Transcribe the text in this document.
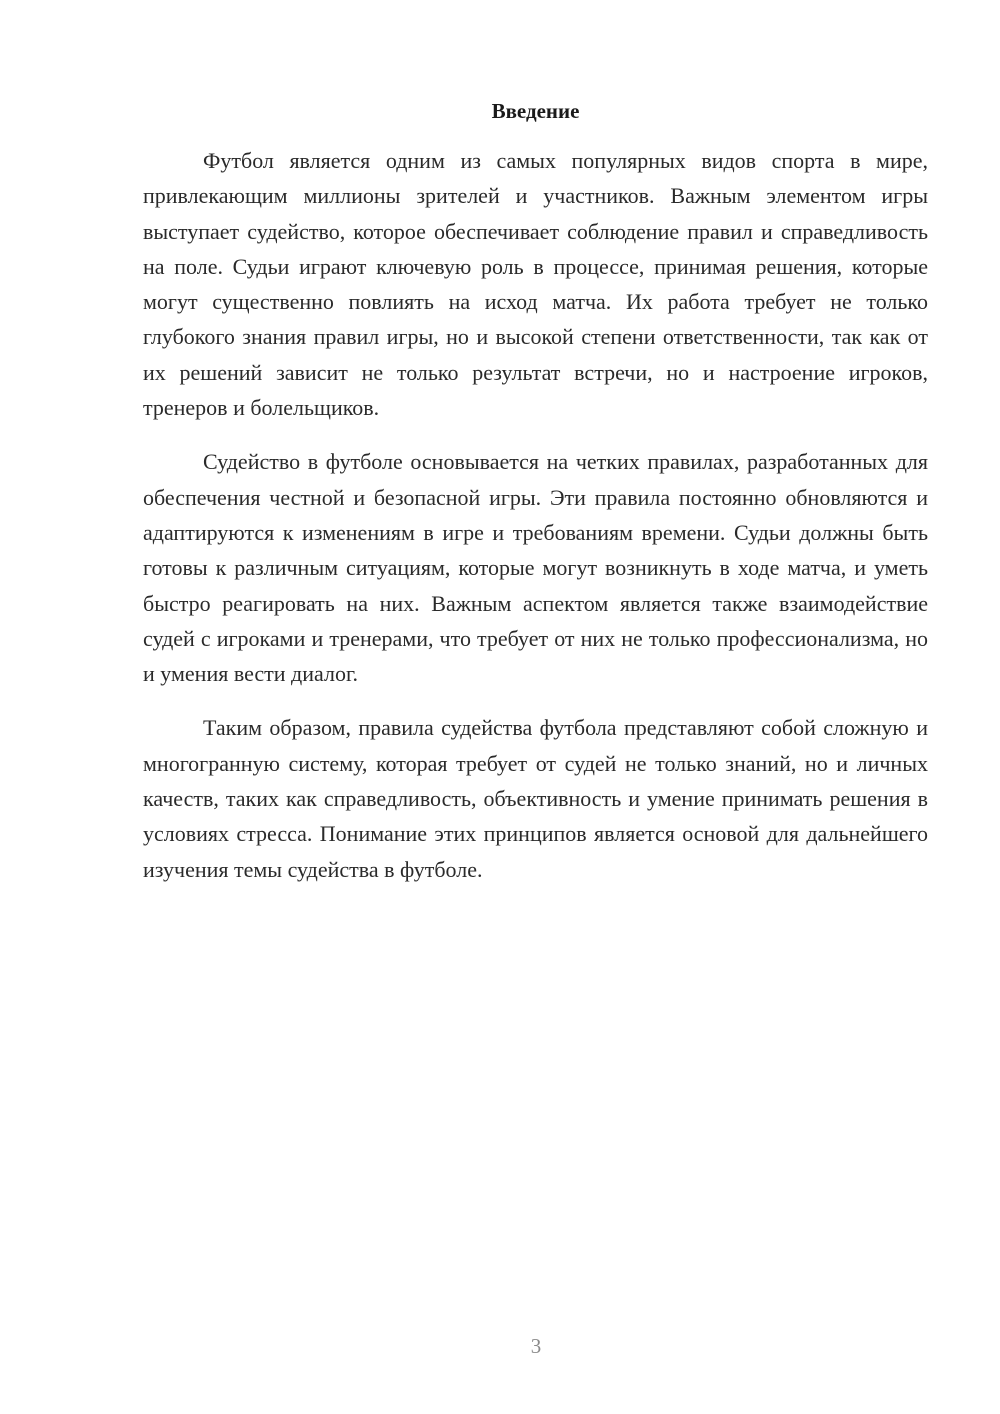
Введение

Футбол является одним из самых популярных видов спорта в мире, привлекающим миллионы зрителей и участников. Важным элементом игры выступает судейство, которое обеспечивает соблюдение правил и справедливость на поле. Судьи играют ключевую роль в процессе, принимая решения, которые могут существенно повлиять на исход матча. Их работа требует не только глубокого знания правил игры, но и высокой степени ответственности, так как от их решений зависит не только результат встречи, но и настроение игроков, тренеров и болельщиков.

Судейство в футболе основывается на четких правилах, разработанных для обеспечения честной и безопасной игры. Эти правила постоянно обновляются и адаптируются к изменениям в игре и требованиям времени. Судьи должны быть готовы к различным ситуациям, которые могут возникнуть в ходе матча, и уметь быстро реагировать на них. Важным аспектом является также взаимодействие судей с игроками и тренерами, что требует от них не только профессионализма, но и умения вести диалог.

Таким образом, правила судейства футбола представляют собой сложную и многогранную систему, которая требует от судей не только знаний, но и личных качеств, таких как справедливость, объективность и умение принимать решения в условиях стресса. Понимание этих принципов является основой для дальнейшего изучения темы судейства в футболе.

3
